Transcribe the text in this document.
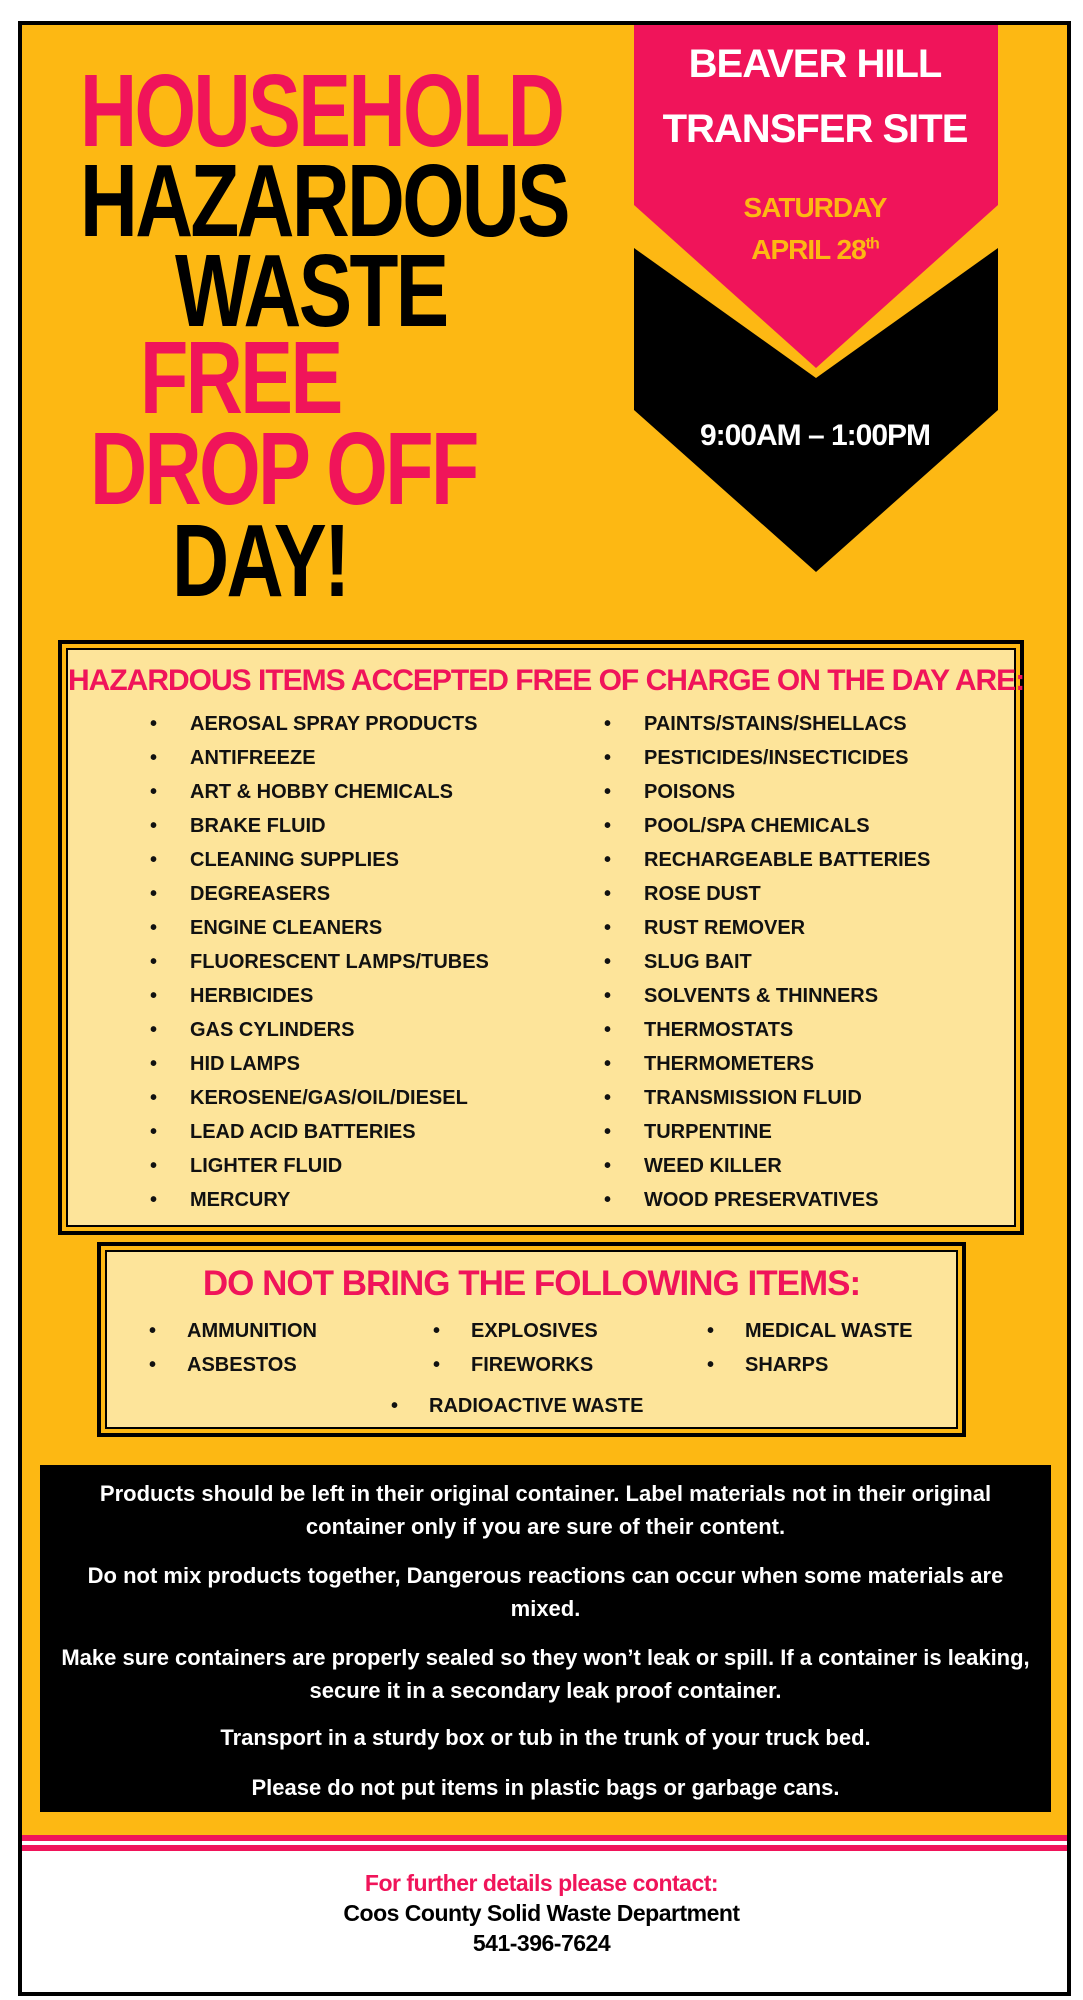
HOUSEHOLD
HAZARDOUS
WASTE
FREE
DROP OFF
DAY!
BEAVER HILL
TRANSFER SITE
SATURDAY
APRIL 28th
9:00AM – 1:00PM
HAZARDOUS ITEMS ACCEPTED FREE OF CHARGE ON THE DAY ARE:
• AEROSAL SPRAY PRODUCTS
• ANTIFREEZE
• ART & HOBBY CHEMICALS
• BRAKE FLUID
• CLEANING SUPPLIES
• DEGREASERS
• ENGINE CLEANERS
• FLUORESCENT LAMPS/TUBES
• HERBICIDES
• GAS CYLINDERS
• HID LAMPS
• KEROSENE/GAS/OIL/DIESEL
• LEAD ACID BATTERIES
• LIGHTER FLUID
• MERCURY
• PAINTS/STAINS/SHELLACS
• PESTICIDES/INSECTICIDES
• POISONS
• POOL/SPA CHEMICALS
• RECHARGEABLE BATTERIES
• ROSE DUST
• RUST REMOVER
• SLUG BAIT
• SOLVENTS & THINNERS
• THERMOSTATS
• THERMOMETERS
• TRANSMISSION FLUID
• TURPENTINE
• WEED KILLER
• WOOD PRESERVATIVES
DO NOT BRING THE FOLLOWING ITEMS:
• AMMUNITION
• ASBESTOS
• EXPLOSIVES
• FIREWORKS
• MEDICAL WASTE
• SHARPS
• RADIOACTIVE WASTE
Products should be left in their original container. Label materials not in their original container only if you are sure of their content.
Do not mix products together, Dangerous reactions can occur when some materials are mixed.
Make sure containers are properly sealed so they won’t leak or spill. If a container is leaking, secure it in a secondary leak proof container.
Transport in a sturdy box or tub in the trunk of your truck bed.
Please do not put items in plastic bags or garbage cans.
For further details please contact:
Coos County Solid Waste Department
541-396-7624
